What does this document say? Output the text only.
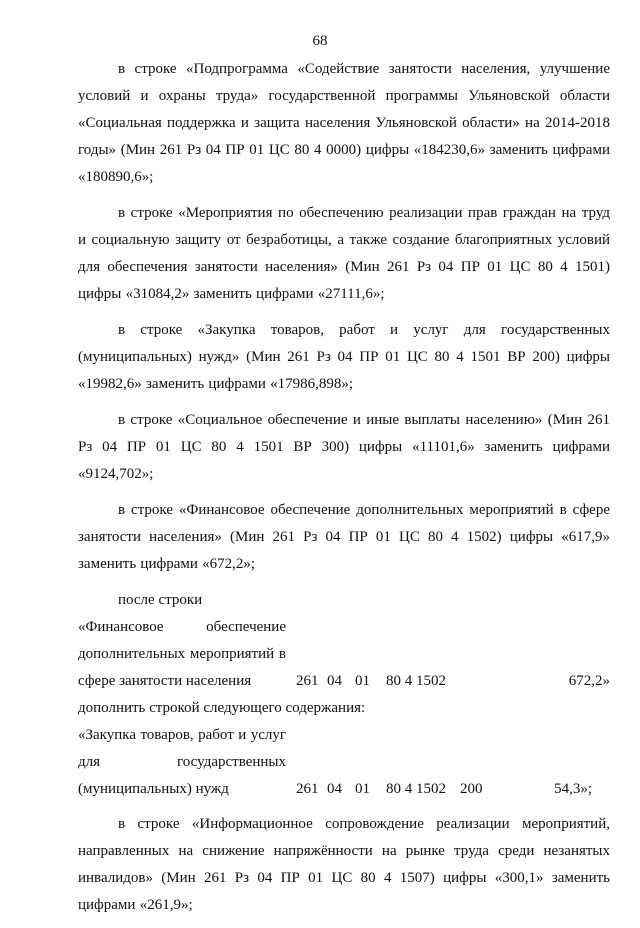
68

в строке «Подпрограмма «Содействие занятости населения, улучшение условий и охраны труда» государственной программы Ульяновской области «Социальная поддержка и защита населения Ульяновской области» на 2014-2018 годы» (Мин 261 Рз 04 ПР 01 ЦС 80 4 0000) цифры «184230,6» заменить цифрами «180890,6»;

в строке «Мероприятия по обеспечению реализации прав граждан на труд и социальную защиту от безработицы, а также создание благоприятных условий для обеспечения занятости населения» (Мин 261 Рз 04 ПР 01 ЦС 80 4 1501) цифры «31084,2» заменить цифрами «27111,6»;

в строке «Закупка товаров, работ и услуг для государственных (муниципальных) нужд» (Мин 261 Рз 04 ПР 01 ЦС 80 4 1501 ВР 200) цифры «19982,6» заменить цифрами «17986,898»;

в строке «Социальное обеспечение и иные выплаты населению» (Мин 261 Рз 04 ПР 01 ЦС 80 4 1501 ВР 300) цифры «11101,6» заменить цифрами «9124,702»;

в строке «Финансовое обеспечение дополнительных мероприятий в сфере занятости населения» (Мин 261 Рз 04 ПР 01 ЦС 80 4 1502) цифры «617,9» заменить цифрами «672,2»;

после строки

«Финансовое обеспечение дополнительных мероприятий в сфере занятости населения	261 04 01 80 4 1502	672,2»

дополнить строкой следующего содержания:

«Закупка товаров, работ и услуг для государственных (муниципальных) нужд	261 04 01 80 4 1502 200	54,3»;

в строке «Информационное сопровождение реализации мероприятий, направленных на снижение напряжённости на рынке труда среди незанятых инвалидов» (Мин 261 Рз 04 ПР 01 ЦС 80 4 1507) цифры «300,1» заменить цифрами «261,9»;
